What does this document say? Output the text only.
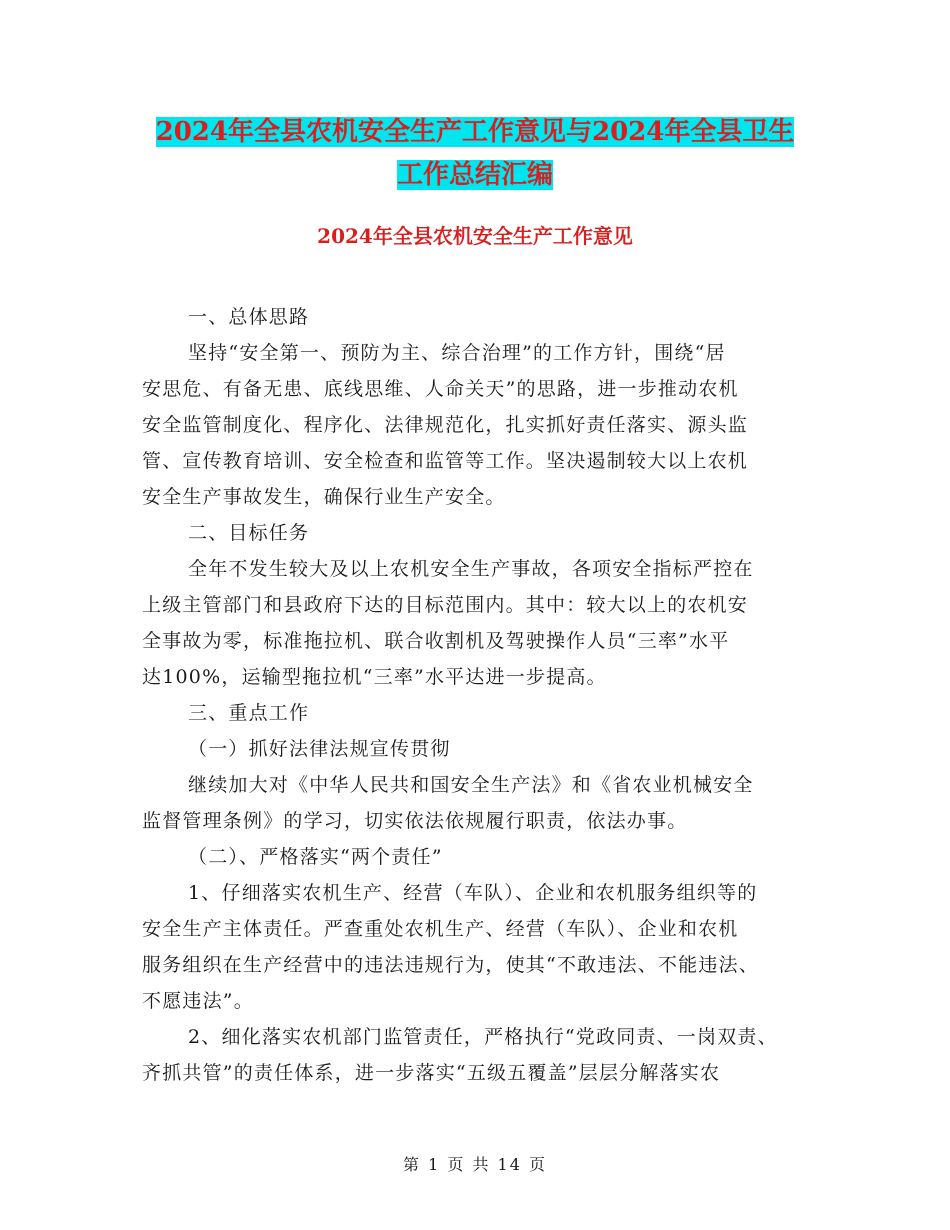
2024年全县农机安全生产工作意见与2024年全县卫生
工作总结汇编
2024年全县农机安全生产工作意见
一、总体思路
坚持“安全第一、预防为主、综合治理”的工作方针，围绕“居
安思危、有备无患、底线思维、人命关天”的思路，进一步推动农机
安全监管制度化、程序化、法律规范化，扎实抓好责任落实、源头监
管、宣传教育培训、安全检查和监管等工作。坚决遏制较大以上农机
安全生产事故发生，确保行业生产安全。
二、目标任务
全年不发生较大及以上农机安全生产事故，各项安全指标严控在
上级主管部门和县政府下达的目标范围内。其中：较大以上的农机安
全事故为零，标准拖拉机、联合收割机及驾驶操作人员“三率”水平
达100%，运输型拖拉机“三率”水平达进一步提高。
三、重点工作
（一）抓好法律法规宣传贯彻
继续加大对《中华人民共和国安全生产法》和《省农业机械安全
监督管理条例》的学习，切实依法依规履行职责，依法办事。
（二）、严格落实“两个责任”
1、仔细落实农机生产、经营（车队）、企业和农机服务组织等的
安全生产主体责任。严查重处农机生产、经营（车队）、企业和农机
服务组织在生产经营中的违法违规行为，使其“不敢违法、不能违法、
不愿违法”。
2、细化落实农机部门监管责任，严格执行“党政同责、一岗双责、
齐抓共管”的责任体系，进一步落实“五级五覆盖”层层分解落实农
第 1 页 共 14 页
